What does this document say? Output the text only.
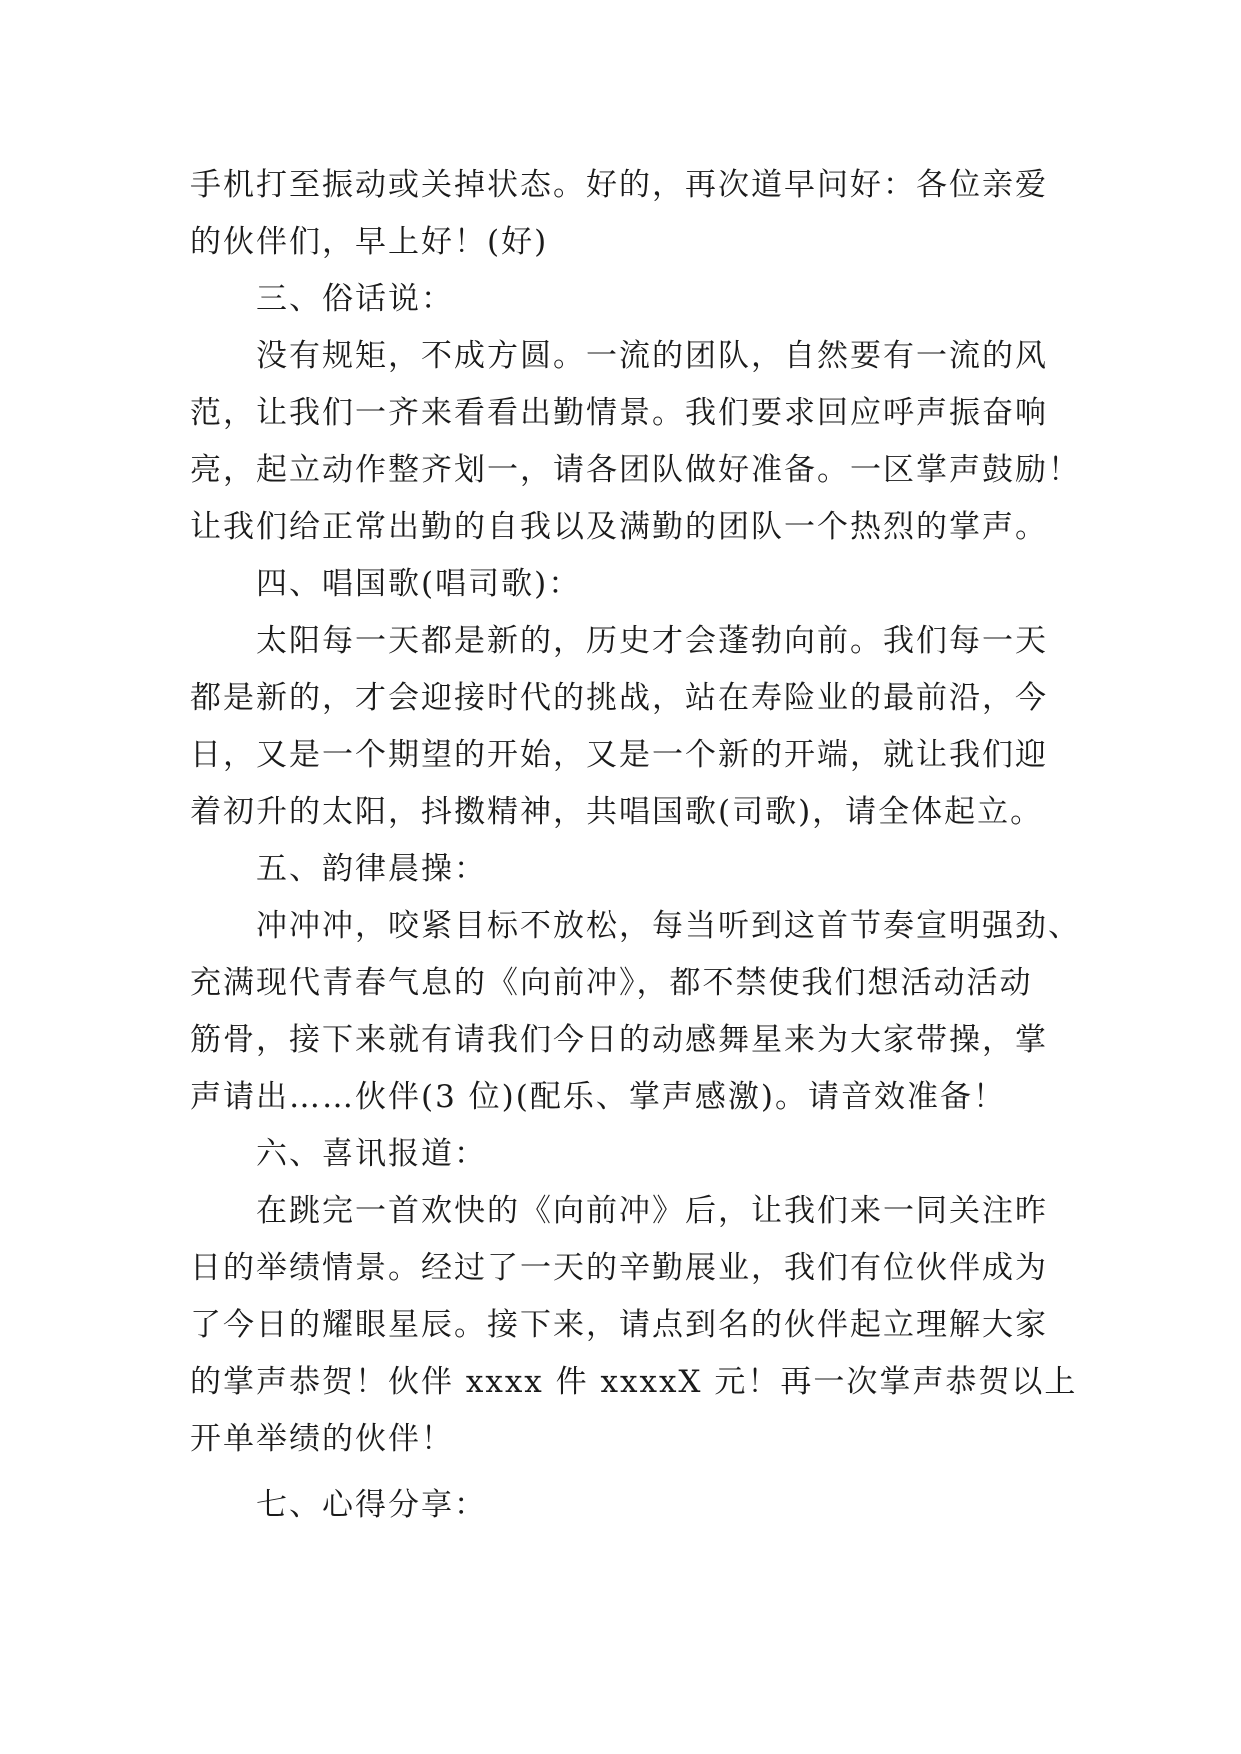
手机打至振动或关掉状态。好的，再次道早问好：各位亲爱
的伙伴们，早上好！(好)
三、俗话说：
没有规矩，不成方圆。一流的团队，自然要有一流的风
范，让我们一齐来看看出勤情景。我们要求回应呼声振奋响
亮，起立动作整齐划一，请各团队做好准备。一区掌声鼓励！
让我们给正常出勤的自我以及满勤的团队一个热烈的掌声。
四、唱国歌(唱司歌)：
太阳每一天都是新的，历史才会蓬勃向前。我们每一天
都是新的，才会迎接时代的挑战，站在寿险业的最前沿，今
日，又是一个期望的开始，又是一个新的开端，就让我们迎
着初升的太阳，抖擞精神，共唱国歌(司歌)，请全体起立。
五、韵律晨操：
冲冲冲，咬紧目标不放松，每当听到这首节奏宣明强劲、
充满现代青春气息的《向前冲》，都不禁使我们想活动活动
筋骨，接下来就有请我们今日的动感舞星来为大家带操，掌
声请出……伙伴(3 位)(配乐、掌声感激)。请音效准备！
六、喜讯报道：
在跳完一首欢快的《向前冲》后，让我们来一同关注昨
日的举绩情景。经过了一天的辛勤展业，我们有位伙伴成为
了今日的耀眼星辰。接下来，请点到名的伙伴起立理解大家
的掌声恭贺！伙伴 xxxx 件 xxxxX 元！再一次掌声恭贺以上
开单举绩的伙伴！
七、心得分享：
